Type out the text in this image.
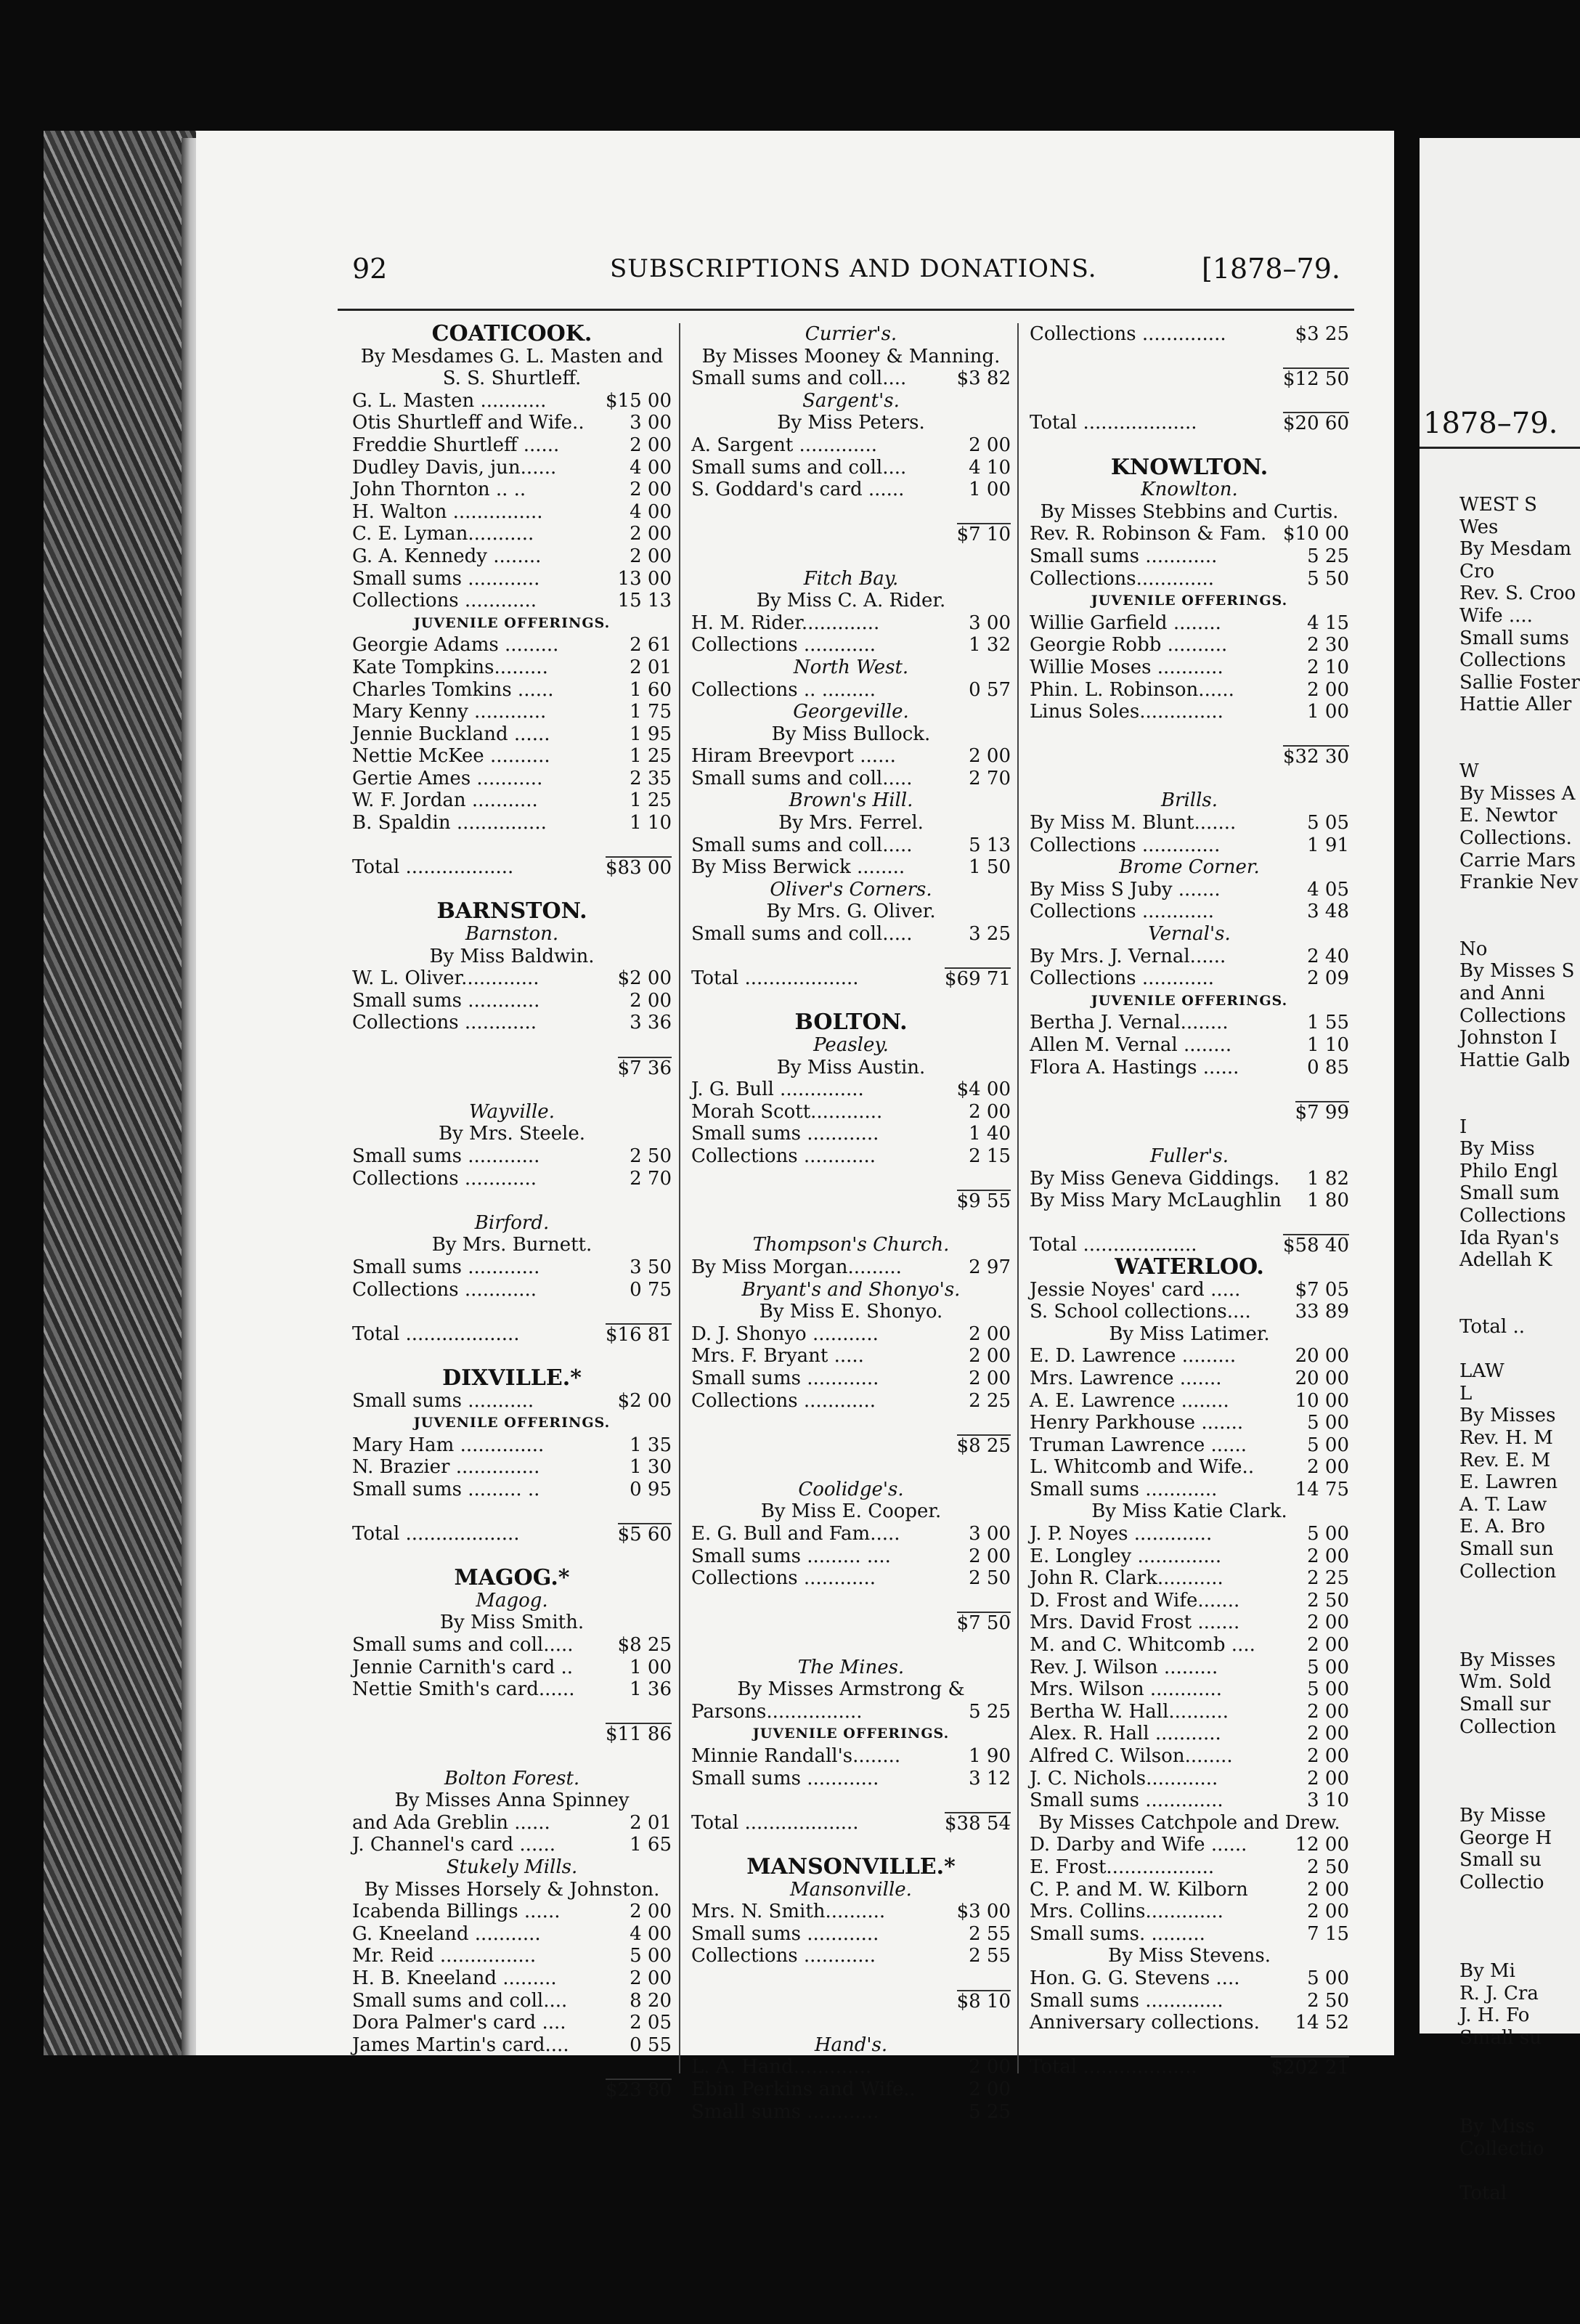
92	SUBSCRIPTIONS AND DONATIONS.	[1878–79.
COATICOOK.
By Mesdames G. L. Masten and
S. S. Shurtleff.
G. L. Masten ...........	$15 00
Otis Shurtleff and Wife.. 3 00
Freddie Shurtleff ......	2 00
Dudley Davis, jun......	4 00
John Thornton .. ..	2 00
H. Walton ...............	4 00
C. E. Lyman...........	2 00
G. A. Kennedy ........	2 00
Small sums ............	13 00
Collections ............	15 13
JUVENILE OFFERINGS.
Georgie Adams .........	2 61
Kate Tompkins.........	2 01
Charles Tomkins ......	1 60
Mary Kenny ............	1 75
Jennie Buckland ......	1 95
Nettie McKee ..........	1 25
Gertie Ames ...........	2 35
W. F. Jordan ...........	1 25
B. Spaldin ...............	1 10
Total ..................	$83 00
BARNSTON.
Barnston.
By Miss Baldwin.
W. L. Oliver.............	$2 00
Small sums ............	2 00
Collections ............	3 36
$7 36
Wayville.
By Mrs. Steele.
Small sums ............	2 50
Collections ............	2 70
Birford.
By Mrs. Burnett.
Small sums ............	3 50
Collections ............	0 75
Total ...................	$16 81
DIXVILLE.*
Small sums ...........	$2 00
JUVENILE OFFERINGS.
Mary Ham ..............	1 35
N. Brazier ..............	1 30
Small sums ......... ..	0 95
Total ...................	$5 60
MAGOG.*
Magog.
By Miss Smith.
Small sums and coll..... $8 25
Jennie Carnith's card ..	1 00
Nettie Smith's card......	1 36
$11 86
Bolton Forest.
By Misses Anna Spinney
and Ada Greblin ......	2 01
J. Channel's card ......	1 65
Stukely Mills.
By Misses Horsely & Johnston.
Icabenda Billings ......	2 00
G. Kneeland ...........	4 00
Mr. Reid ................	5 00
H. B. Kneeland .........	2 00
Small sums and coll....	8 20
Dora Palmer's card ....	2 05
James Martin's card....	0 55
$23 80
Currier's.
By Misses Mooney & Manning.
Small sums and coll....	$3 82
Sargent's.
By Miss Peters.
A. Sargent .............	2 00
Small sums and coll....	4 10
S. Goddard's card ......	1 00
$7 10
Fitch Bay.
By Miss C. A. Rider.
H. M. Rider.............	3 00
Collections ............	1 32
North West.
Collections .. .........	0 57
Georgeville.
By Miss Bullock.
Hiram Breevport ......	2 00
Small sums and coll.....	2 70
Brown's Hill.
By Mrs. Ferrel.
Small sums and coll.....	5 13
By Miss Berwick ........	1 50
Oliver's Corners.
By Mrs. G. Oliver.
Small sums and coll.....	3 25
Total ...................	$69 71
BOLTON.
Peasley.
By Miss Austin.
J. G. Bull ..............	$4 00
Morah Scott............	2 00
Small sums ............	1 40
Collections ............	2 15
$9 55
Thompson's Church.
By Miss Morgan.........	2 97
Bryant's and Shonyo's.
By Miss E. Shonyo.
D. J. Shonyo ...........	2 00
Mrs. F. Bryant .....	2 00
Small sums ............	2 00
Collections ............	2 25
$8 25
Coolidge's.
By Miss E. Cooper.
E. G. Bull and Fam.....	3 00
Small sums ......... ....	2 00
Collections ............	2 50
$7 50
The Mines.
By Misses Armstrong &
Parsons................	5 25
JUVENILE OFFERINGS.
Minnie Randall's........	1 90
Small sums ............	3 12
Total ...................	$38 54
MANSONVILLE.*
Mansonville.
Mrs. N. Smith..........	$3 00
Small sums ............	2 55
Collections ............	2 55
$8 10
Hand's.
L. A. Hand.............	2 00
Ebin Perkins and Wife..	2 00
Small sums ............	5 25
Collections ..............	$3 25
$12 50
Total ...................	$20 60
KNOWLTON.
Knowlton.
By Misses Stebbins and Curtis.
Rev. R. Robinson & Fam. $10 00
Small sums ............	5 25
Collections.............	5 50
JUVENILE OFFERINGS.
Willie Garfield ........	4 15
Georgie Robb ..........	2 30
Willie Moses ...........	2 10
Phin. L. Robinson......	2 00
Linus Soles..............	1 00
$32 30
Brills.
By Miss M. Blunt.......	5 05
Collections .............	1 91
Brome Corner.
By Miss S Juby .......	4 05
Collections ............	3 48
Vernal's.
By Mrs. J. Vernal......	2 40
Collections ............	2 09
JUVENILE OFFERINGS.
Bertha J. Vernal........	1 55
Allen M. Vernal ........	1 10
Flora A. Hastings ......	0 85
$7 99
Fuller's.
By Miss Geneva Giddings. 1 82
By Miss Mary McLaughlin 1 80
Total ...................	$58 40
WATERLOO.
Jessie Noyes' card .....	$7 05
S. School collections.... 33 89
By Miss Latimer.
E. D. Lawrence .........	20 00
Mrs. Lawrence .......	20 00
A. E. Lawrence ........	10 00
Henry Parkhouse .......	5 00
Truman Lawrence ......	5 00
L. Whitcomb and Wife..	2 00
Small sums ............	14 75
By Miss Katie Clark.
J. P. Noyes .............	5 00
E. Longley ..............	2 00
John R. Clark...........	2 25
D. Frost and Wife.......	2 50
Mrs. David Frost .......	2 00
M. and C. Whitcomb ....	2 00
Rev. J. Wilson .........	5 00
Mrs. Wilson ............	5 00
Bertha W. Hall..........	2 00
Alex. R. Hall ...........	2 00
Alfred C. Wilson........	2 00
J. C. Nichols............	2 00
Small sums .............	3 10
By Misses Catchpole and Drew.
D. Darby and Wife ......	12 00
E. Frost..................	2 50
C. P. and M. W. Kilborn	2 00
Mrs. Collins.............	2 00
Small sums. .........	7 15
By Miss Stevens.
Hon. G. G. Stevens ....	5 00
Small sums .............	2 50
Anniversary collections. 14 52
Total ...................	$202 21
1878–79.
WEST S
Wes
By Mesdam
Cro
Rev. S. Croo
Wife ....
Small sums
Collections
Sallie Foster
Hattie Aller
W
By Misses A
E. Newtor
Collections.
Carrie Mars
Frankie Nev
No
By Misses S
and Anni
Collections
Johnston I
Hattie Galb
I
By Miss
Philo Engl
Small sum
Collections
Ida Ryan's
Adellah K
Total ..
LAW
L
By Misses
Rev. H. M
Rev. E. M
E. Lawren
A. T. Law
E. A. Bro
Small sun
Collection
By Misses
Wm. Sold
Small sur
Collection
By Misse
George H
Small su
Collectio
By Mi
R. J. Cra
J. H. Fo
Small su
By Miss
Collectio
Total
